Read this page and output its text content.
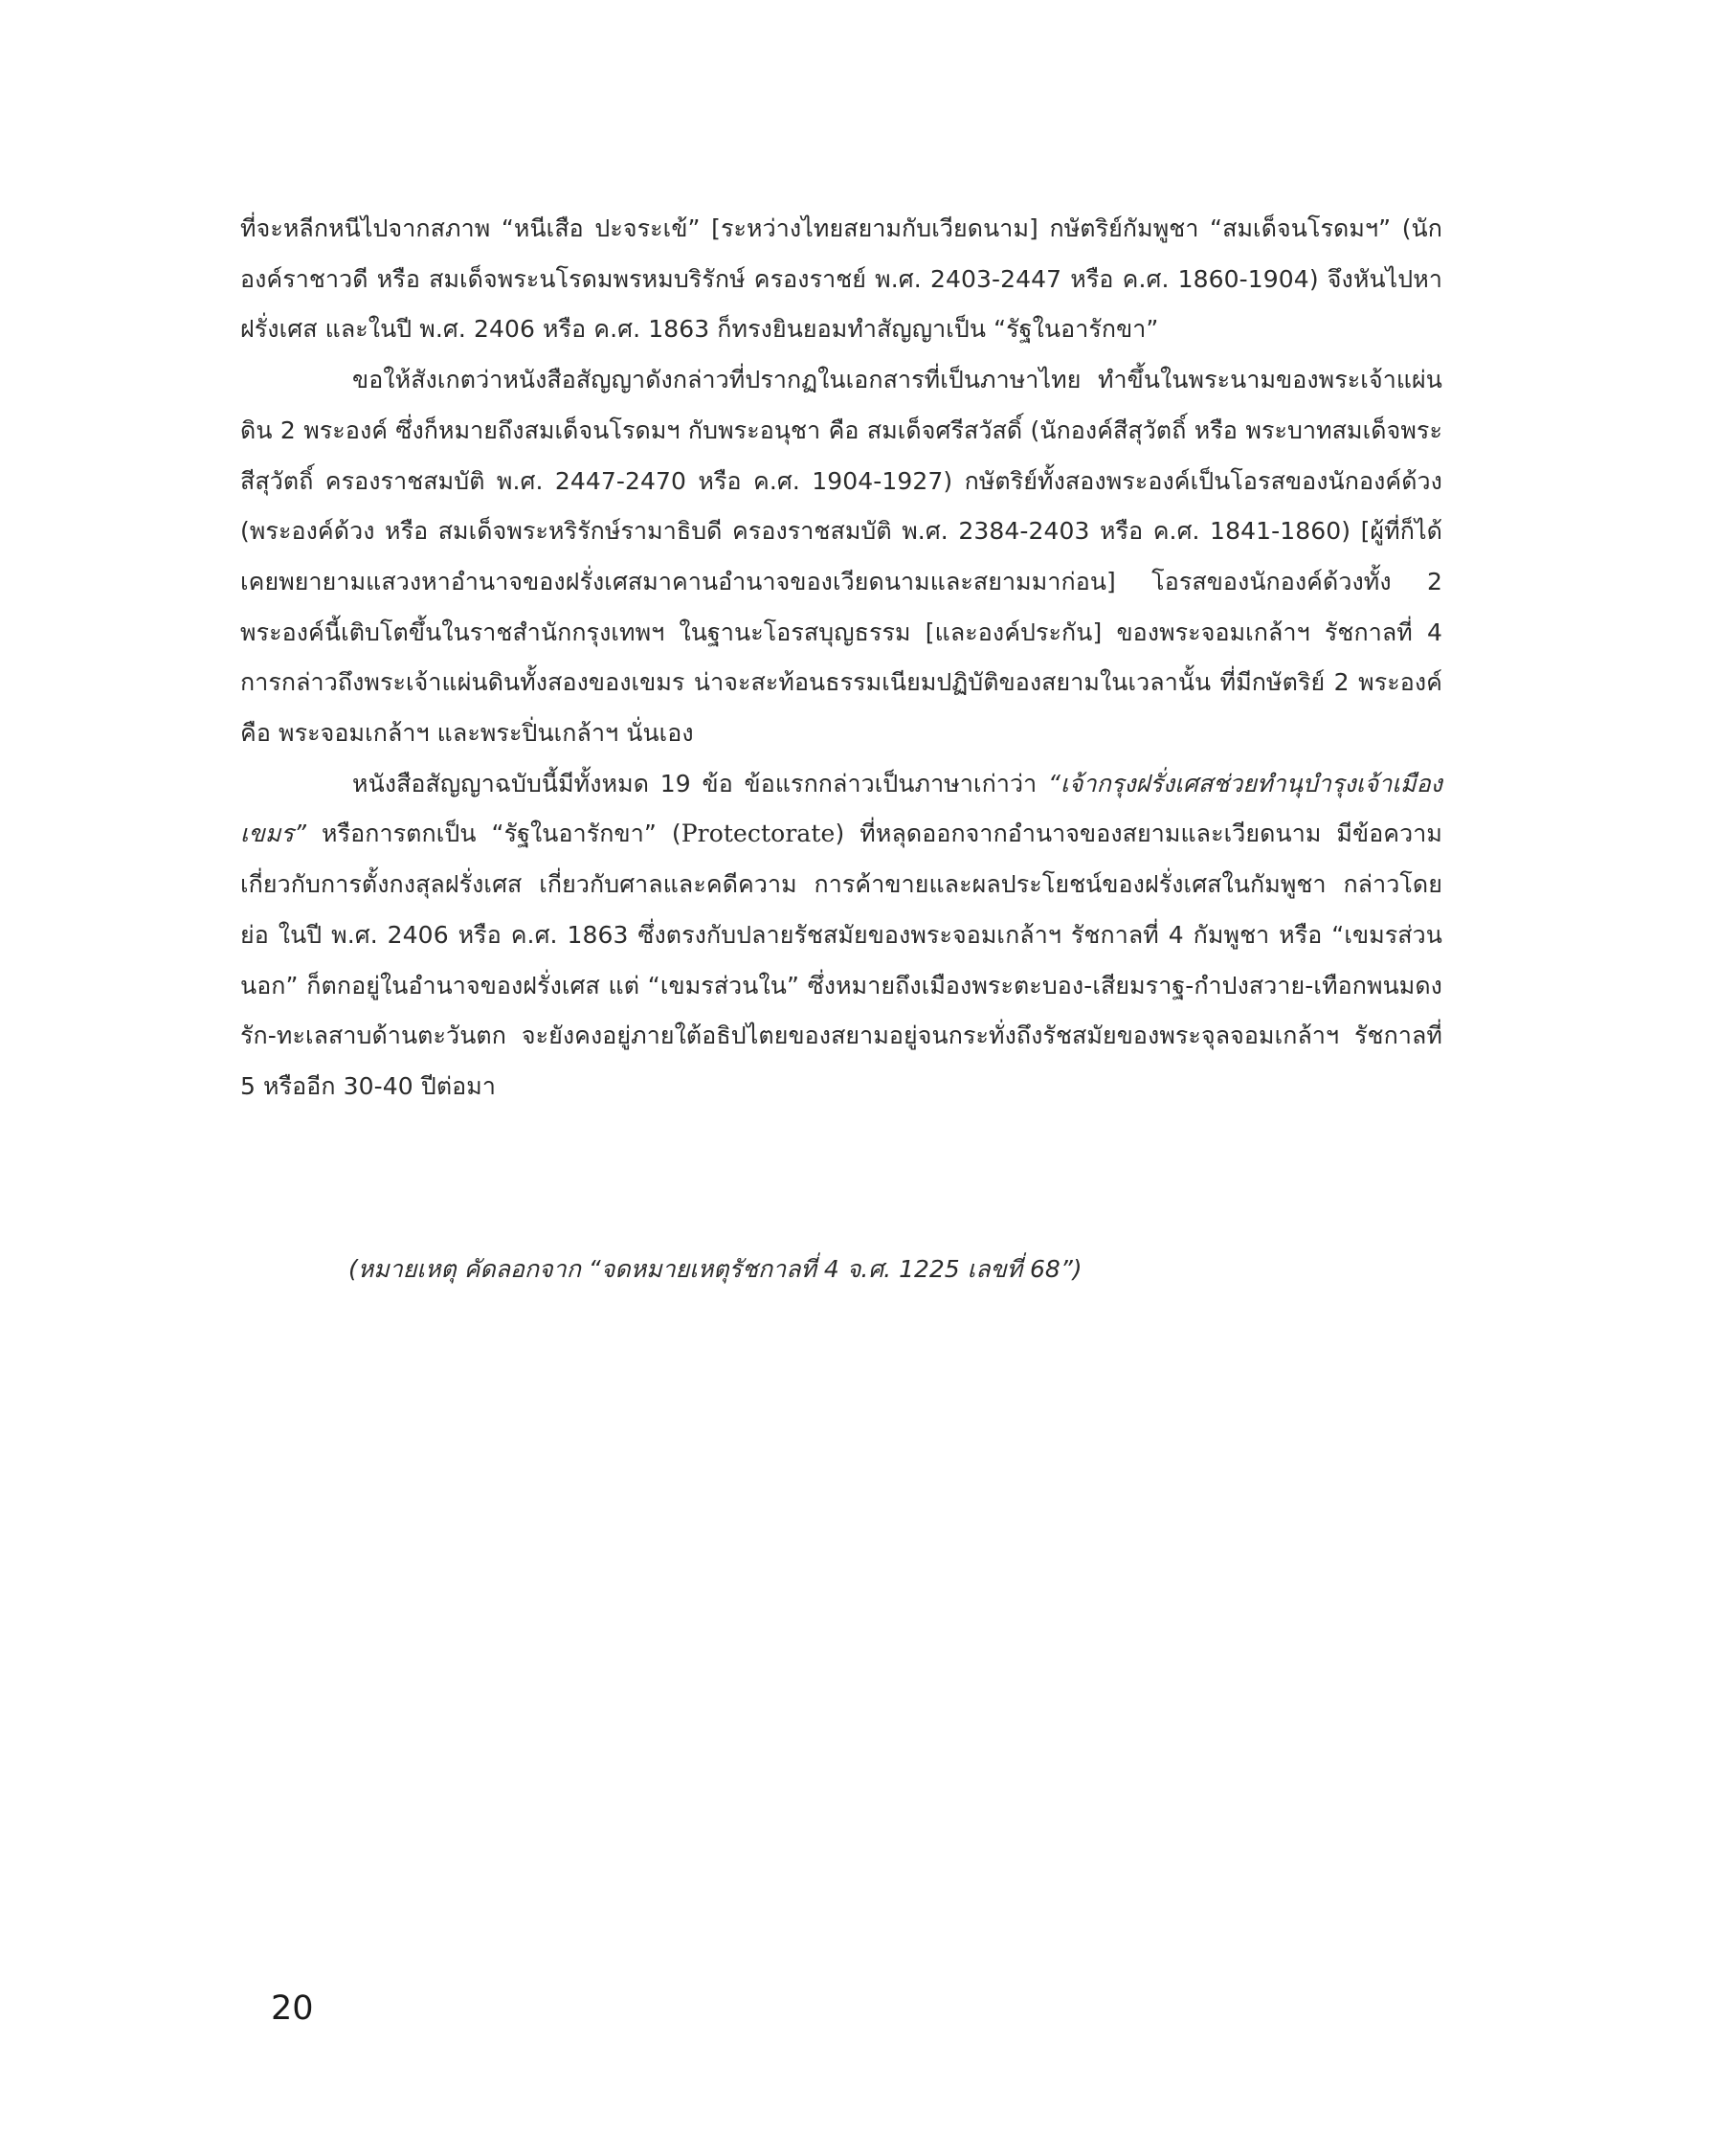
ที่จะหลีกหนีไปจากสภาพ “หนีเสือ ปะจระเข้” [ระหว่างไทยสยามกับเวียดนาม] กษัตริย์กัมพูชา “สมเด็จนโรดมฯ” (นักองค์ราชาวดี หรือ สมเด็จพระนโรดมพรหมบริรักษ์ ครองราชย์ พ.ศ. 2403-2447 หรือ ค.ศ. 1860-1904) จึงหันไปหาฝรั่งเศส และในปี พ.ศ. 2406 หรือ ค.ศ. 1863 ก็ทรงยินยอมทำสัญญาเป็น “รัฐในอารักขา”

ขอให้สังเกตว่าหนังสือสัญญาดังกล่าวที่ปรากฏในเอกสารที่เป็นภาษาไทย ทำขึ้นในพระนามของพระเจ้าแผ่นดิน 2 พระองค์ ซึ่งก็หมายถึงสมเด็จนโรดมฯ กับพระอนุชา คือ สมเด็จศรีสวัสดิ์ (นักองค์สีสุวัตถิ์ หรือ พระบาทสมเด็จพระสีสุวัตถิ์ ครองราชสมบัติ พ.ศ. 2447-2470 หรือ ค.ศ. 1904-1927) กษัตริย์ทั้งสองพระองค์เป็นโอรสของนักองค์ด้วง (พระองค์ด้วง หรือ สมเด็จพระหริรักษ์รามาธิบดี ครองราชสมบัติ พ.ศ. 2384-2403 หรือ ค.ศ. 1841-1860) [ผู้ที่ก็ได้เคยพยายามแสวงหาอำนาจของฝรั่งเศสมาคานอำนาจของเวียดนามและสยามมาก่อน] โอรสของนักองค์ด้วงทั้ง 2 พระองค์นี้เติบโตขึ้นในราชสำนักกรุงเทพฯ ในฐานะโอรสบุญธรรม [และองค์ประกัน] ของพระจอมเกล้าฯ รัชกาลที่ 4 การกล่าวถึงพระเจ้าแผ่นดินทั้งสองของเขมร น่าจะสะท้อนธรรมเนียมปฏิบัติของสยามในเวลานั้น ที่มีกษัตริย์ 2 พระองค์ คือ พระจอมเกล้าฯ และพระปิ่นเกล้าฯ นั่นเอง

หนังสือสัญญาฉบับนี้มีทั้งหมด 19 ข้อ ข้อแรกกล่าวเป็นภาษาเก่าว่า “เจ้ากรุงฝรั่งเศสช่วยทำนุบำรุงเจ้าเมืองเขมร” หรือการตกเป็น “รัฐในอารักขา” (Protectorate) ที่หลุดออกจากอำนาจของสยามและเวียดนาม มีข้อความเกี่ยวกับการตั้งกงสุลฝรั่งเศส เกี่ยวกับศาลและคดีความ การค้าขายและผลประโยชน์ของฝรั่งเศสในกัมพูชา กล่าวโดยย่อ ในปี พ.ศ. 2406 หรือ ค.ศ. 1863 ซึ่งตรงกับปลายรัชสมัยของพระจอมเกล้าฯ รัชกาลที่ 4 กัมพูชา หรือ “เขมรส่วนนอก” ก็ตกอยู่ในอำนาจของฝรั่งเศส แต่ “เขมรส่วนใน” ซึ่งหมายถึงเมืองพระตะบอง-เสียมราฐ-กำปงสวาย-เทือกพนมดงรัก-ทะเลสาบด้านตะวันตก จะยังคงอยู่ภายใต้อธิปไตยของสยามอยู่จนกระทั่งถึงรัชสมัยของพระจุลจอมเกล้าฯ รัชกาลที่ 5 หรืออีก 30-40 ปีต่อมา

(หมายเหตุ คัดลอกจาก “จดหมายเหตุรัชกาลที่ 4 จ.ศ. 1225 เลขที่ 68”)
20
